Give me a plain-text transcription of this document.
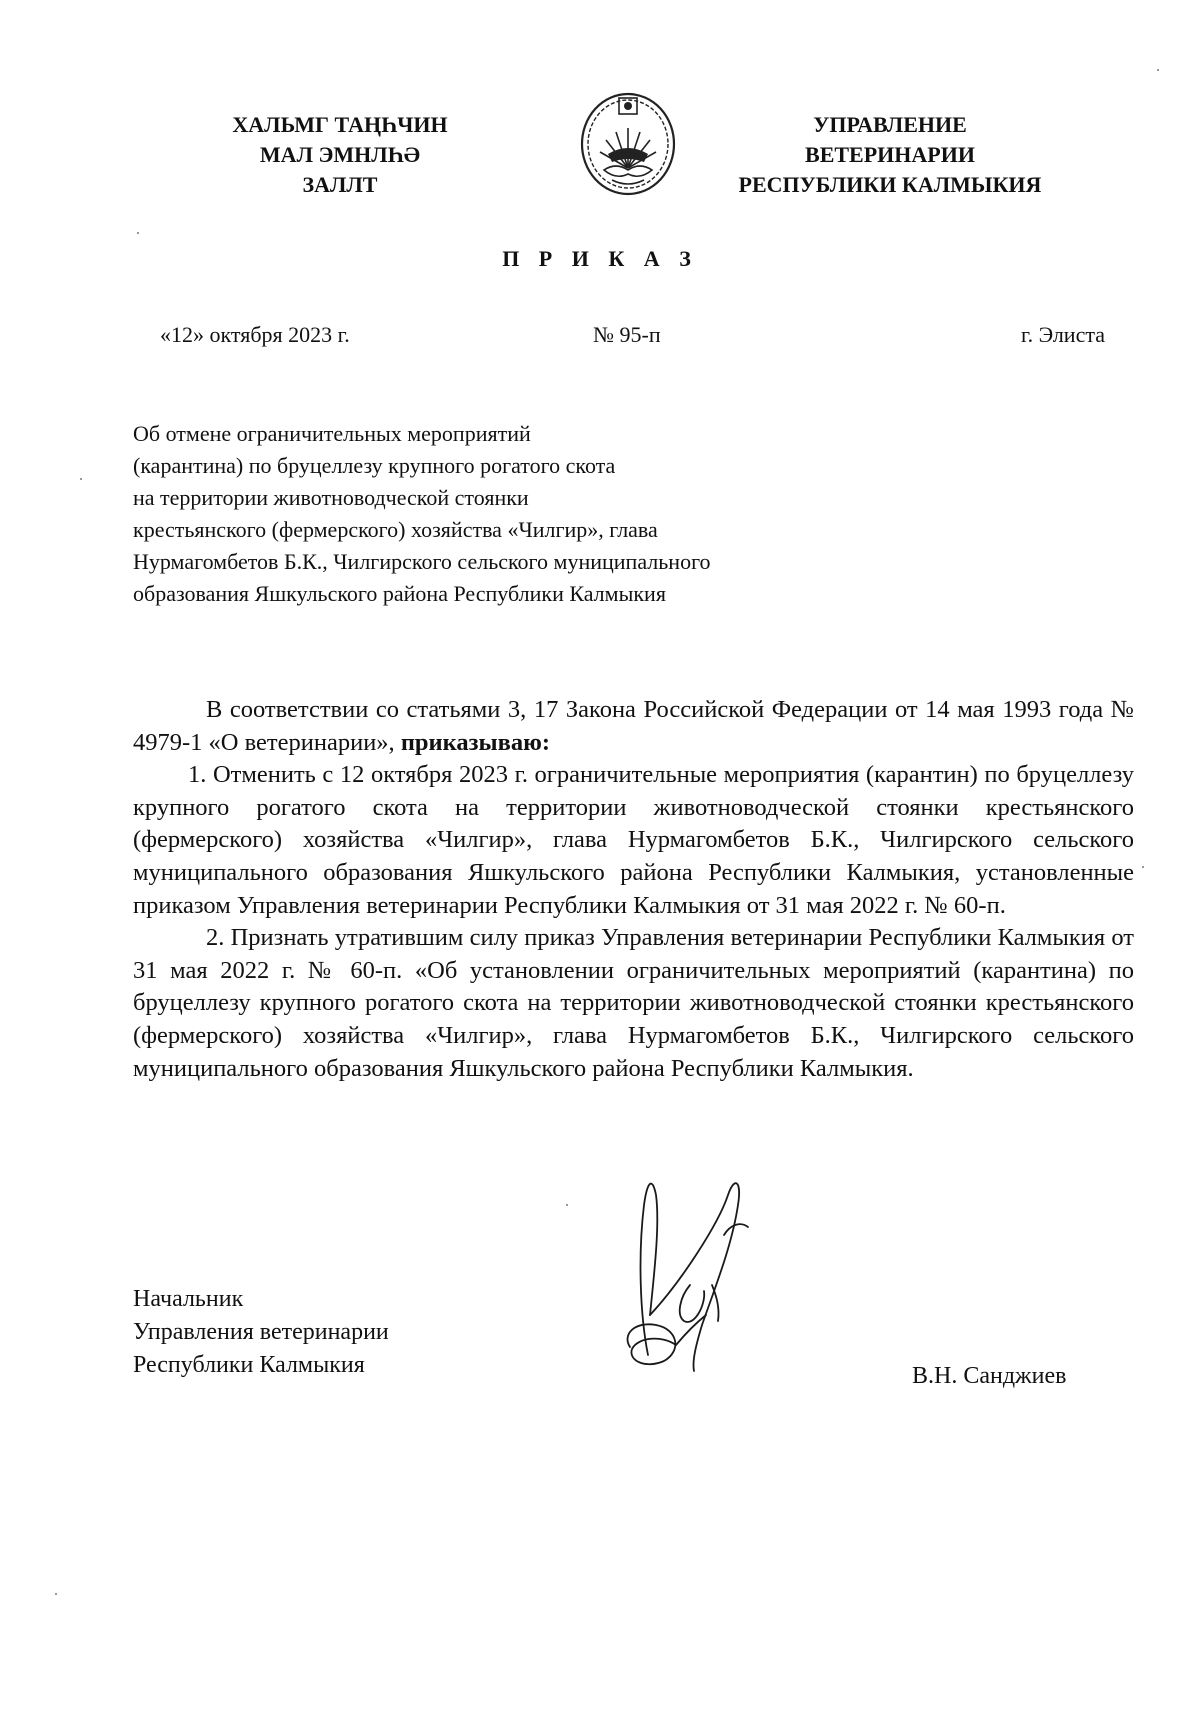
ХАЛЬМГ ТАҢҺЧИН
МАЛ ЭМНЛҺӘ
ЗАЛЛТ
УПРАВЛЕНИЕ
ВЕТЕРИНАРИИ
РЕСПУБЛИКИ КАЛМЫКИЯ
П Р И К А З
«12» октября 2023 г.	№ 95-п	г. Элиста
Об отмене ограничительных мероприятий
(карантина) по бруцеллезу крупного рогатого скота
на территории животноводческой стоянки
крестьянского (фермерского) хозяйства «Чилгир», глава
Нурмагомбетов Б.К., Чилгирского сельского муниципального
образования Яшкульского района Республики Калмыкия

В соответствии со статьями 3, 17 Закона Российской Федерации от 14 мая 1993 года № 4979-1 «О ветеринарии», приказываю:

1. Отменить с 12 октября 2023 г. ограничительные мероприятия (карантин) по бруцеллезу крупного рогатого скота на территории животноводческой стоянки крестьянского (фермерского) хозяйства «Чилгир», глава Нурмагомбетов Б.К., Чилгирского сельского муниципального образования Яшкульского района Республики Калмыкия, установленные приказом Управления ветеринарии Республики Калмыкия от 31 мая 2022 г. № 60-п.

2. Признать утратившим силу приказ Управления ветеринарии Республики Калмыкия от 31 мая 2022 г. № 60-п. «Об установлении ограничительных мероприятий (карантина) по бруцеллезу крупного рогатого скота на территории животноводческой стоянки крестьянского (фермерского) хозяйства «Чилгир», глава Нурмагомбетов Б.К., Чилгирского сельского муниципального образования Яшкульского района Республики Калмыкия.

Начальник
Управления ветеринарии
Республики Калмыкия	В.Н. Санджиев
